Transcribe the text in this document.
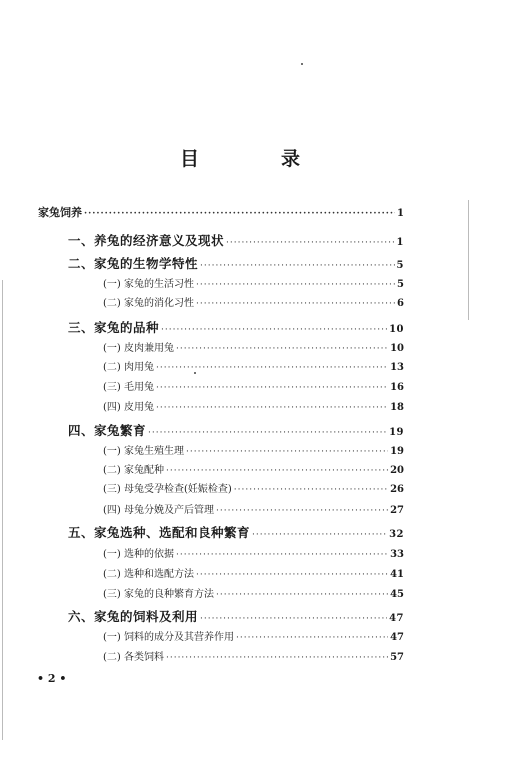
目	录
家兔饲养 ·····	1
一、养兔的经济意义及现状 ·····	1
二、家兔的生物学特性 ·····	5
(一) 家兔的生活习性 ·····	5
(二) 家兔的消化习性 ·····	6
三、家兔的品种 ·····	10
(一) 皮肉兼用兔 ·····	10
(二) 肉用兔 ·····	13
(三) 毛用兔 ·····	16
(四) 皮用兔 ·····	18
四、家兔繁育 ·····	19
(一) 家兔生殖生理 ·····	19
(二) 家兔配种 ·····	20
(三) 母兔受孕检查(妊娠检查) ·····	26
(四) 母兔分娩及产后管理 ·····	27
五、家兔选种、选配和良种繁育 ·····	32
(一) 选种的依据 ·····	33
(二) 选种和选配方法 ·····	41
(三) 家兔的良种繁育方法 ·····	45
六、家兔的饲料及利用 ·····	47
(一) 饲料的成分及其营养作用 ·····	47
(二) 各类饲料 ·····	57
• 2 •
